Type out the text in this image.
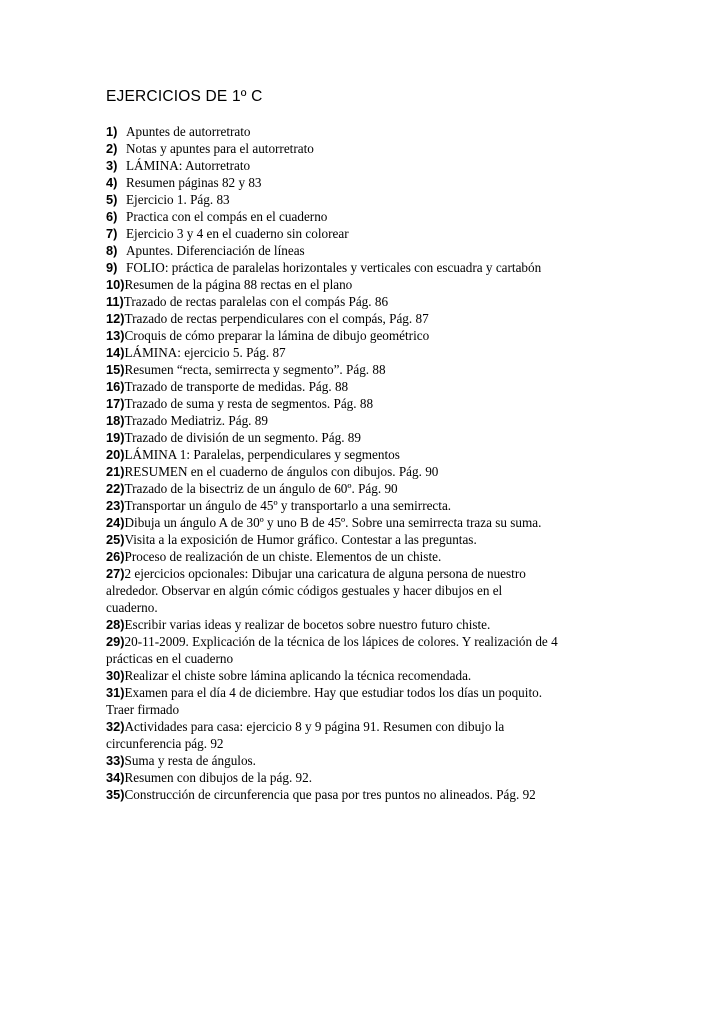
EJERCICIOS DE 1º C
1) Apuntes de autorretrato
2) Notas y apuntes para el autorretrato
3) LÁMINA: Autorretrato
4) Resumen páginas 82 y 83
5) Ejercicio 1. Pág. 83
6) Practica con el compás en el cuaderno
7) Ejercicio 3 y 4 en el cuaderno sin colorear
8) Apuntes. Diferenciación de líneas
9) FOLIO: práctica de paralelas horizontales y verticales con escuadra y cartabón
10)Resumen de la página 88 rectas en el plano
11)Trazado de rectas paralelas con el compás Pág. 86
12)Trazado de rectas perpendiculares con el compás, Pág. 87
13)Croquis de cómo preparar la lámina de dibujo geométrico
14)LÁMINA: ejercicio 5. Pág. 87
15)Resumen “recta, semirrecta y segmento”. Pág. 88
16)Trazado de transporte de medidas. Pág. 88
17)Trazado de suma y resta de segmentos. Pág. 88
18)Trazado Mediatriz. Pág. 89
19)Trazado de división de un segmento. Pág. 89
20)LÁMINA 1: Paralelas, perpendiculares y segmentos
21)RESUMEN en el cuaderno de ángulos con dibujos. Pág. 90
22)Trazado de la bisectriz de un ángulo de 60º. Pág. 90
23)Transportar un ángulo de 45º y transportarlo a una semirrecta.
24)Dibuja un ángulo A de 30º y uno B de 45º. Sobre una semirrecta traza su suma.
25)Visita a la exposición de Humor gráfico. Contestar a las preguntas.
26)Proceso de realización de un chiste. Elementos de un chiste.
27)2 ejercicios opcionales: Dibujar una caricatura de alguna persona de nuestro
alrededor. Observar en algún cómic códigos gestuales y hacer dibujos en el
cuaderno.
28)Escribir varias ideas y realizar de bocetos sobre nuestro futuro chiste.
29)20-11-2009. Explicación de la técnica de los lápices de colores. Y realización de 4
prácticas en el cuaderno
30)Realizar el chiste sobre lámina aplicando la técnica recomendada.
31)Examen para el día 4 de diciembre. Hay que estudiar todos los días un poquito.
Traer firmado
32)Actividades para casa: ejercicio 8 y 9 página 91. Resumen con dibujo la
circunferencia pág. 92
33)Suma y resta de ángulos.
34)Resumen con dibujos de la pág. 92.
35)Construcción de circunferencia que pasa por tres puntos no alineados. Pág. 92
